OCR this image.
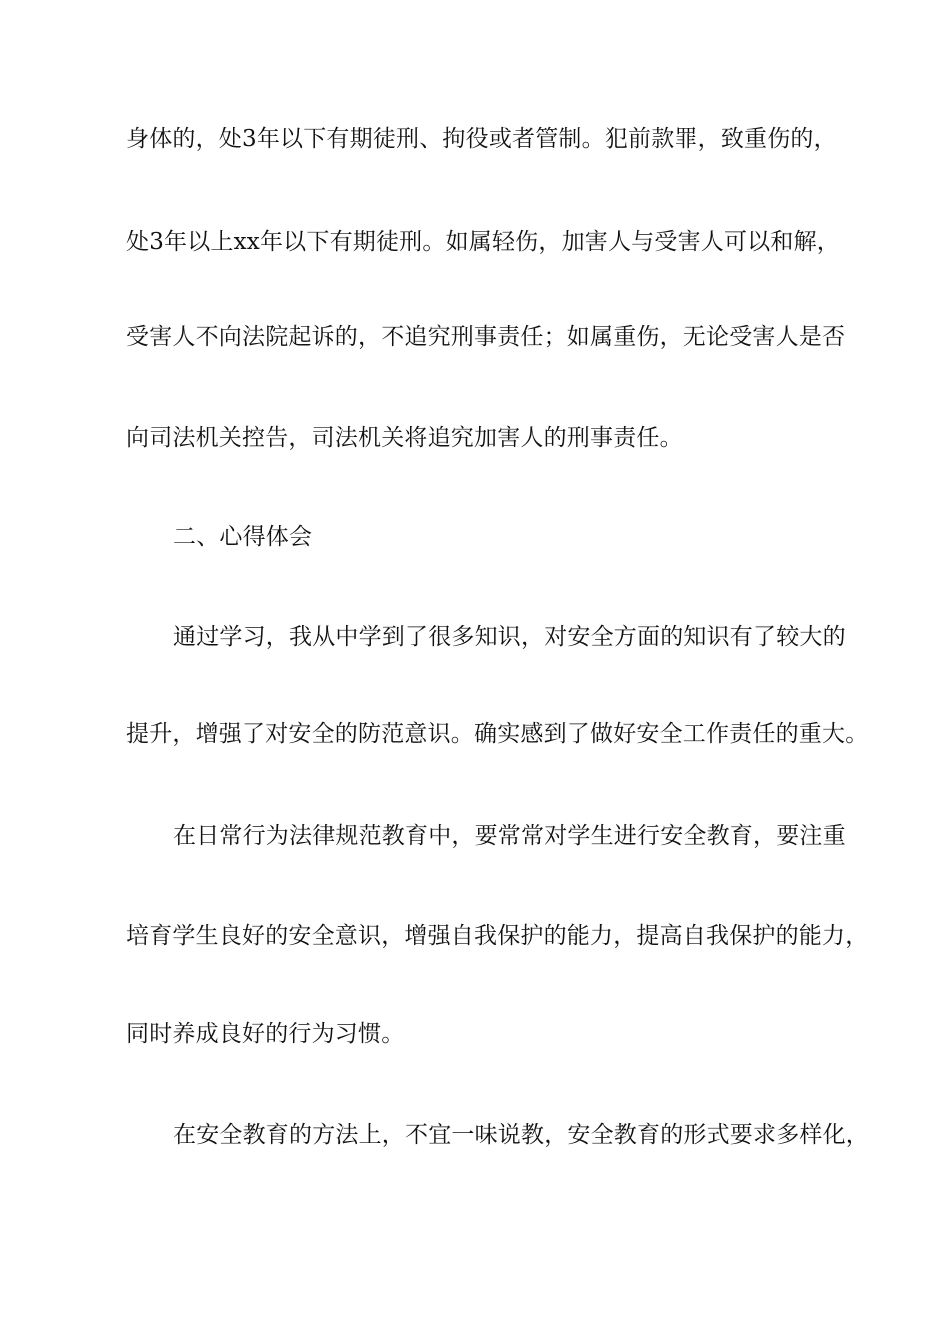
身体的，处3年以下有期徒刑、拘役或者管制。犯前款罪，致重伤的，
处3年以上xx年以下有期徒刑。如属轻伤，加害人与受害人可以和解，
受害人不向法院起诉的，不追究刑事责任；如属重伤，无论受害人是否
向司法机关控告，司法机关将追究加害人的刑事责任。
二、心得体会
通过学习，我从中学到了很多知识，对安全方面的知识有了较大的
提升，增强了对安全的防范意识。确实感到了做好安全工作责任的重大。
在日常行为法律规范教育中，要常常对学生进行安全教育，要注重
培育学生良好的安全意识，增强自我保护的能力，提高自我保护的能力，
同时养成良好的行为习惯。
在安全教育的方法上，不宜一味说教，安全教育的形式要求多样化，
